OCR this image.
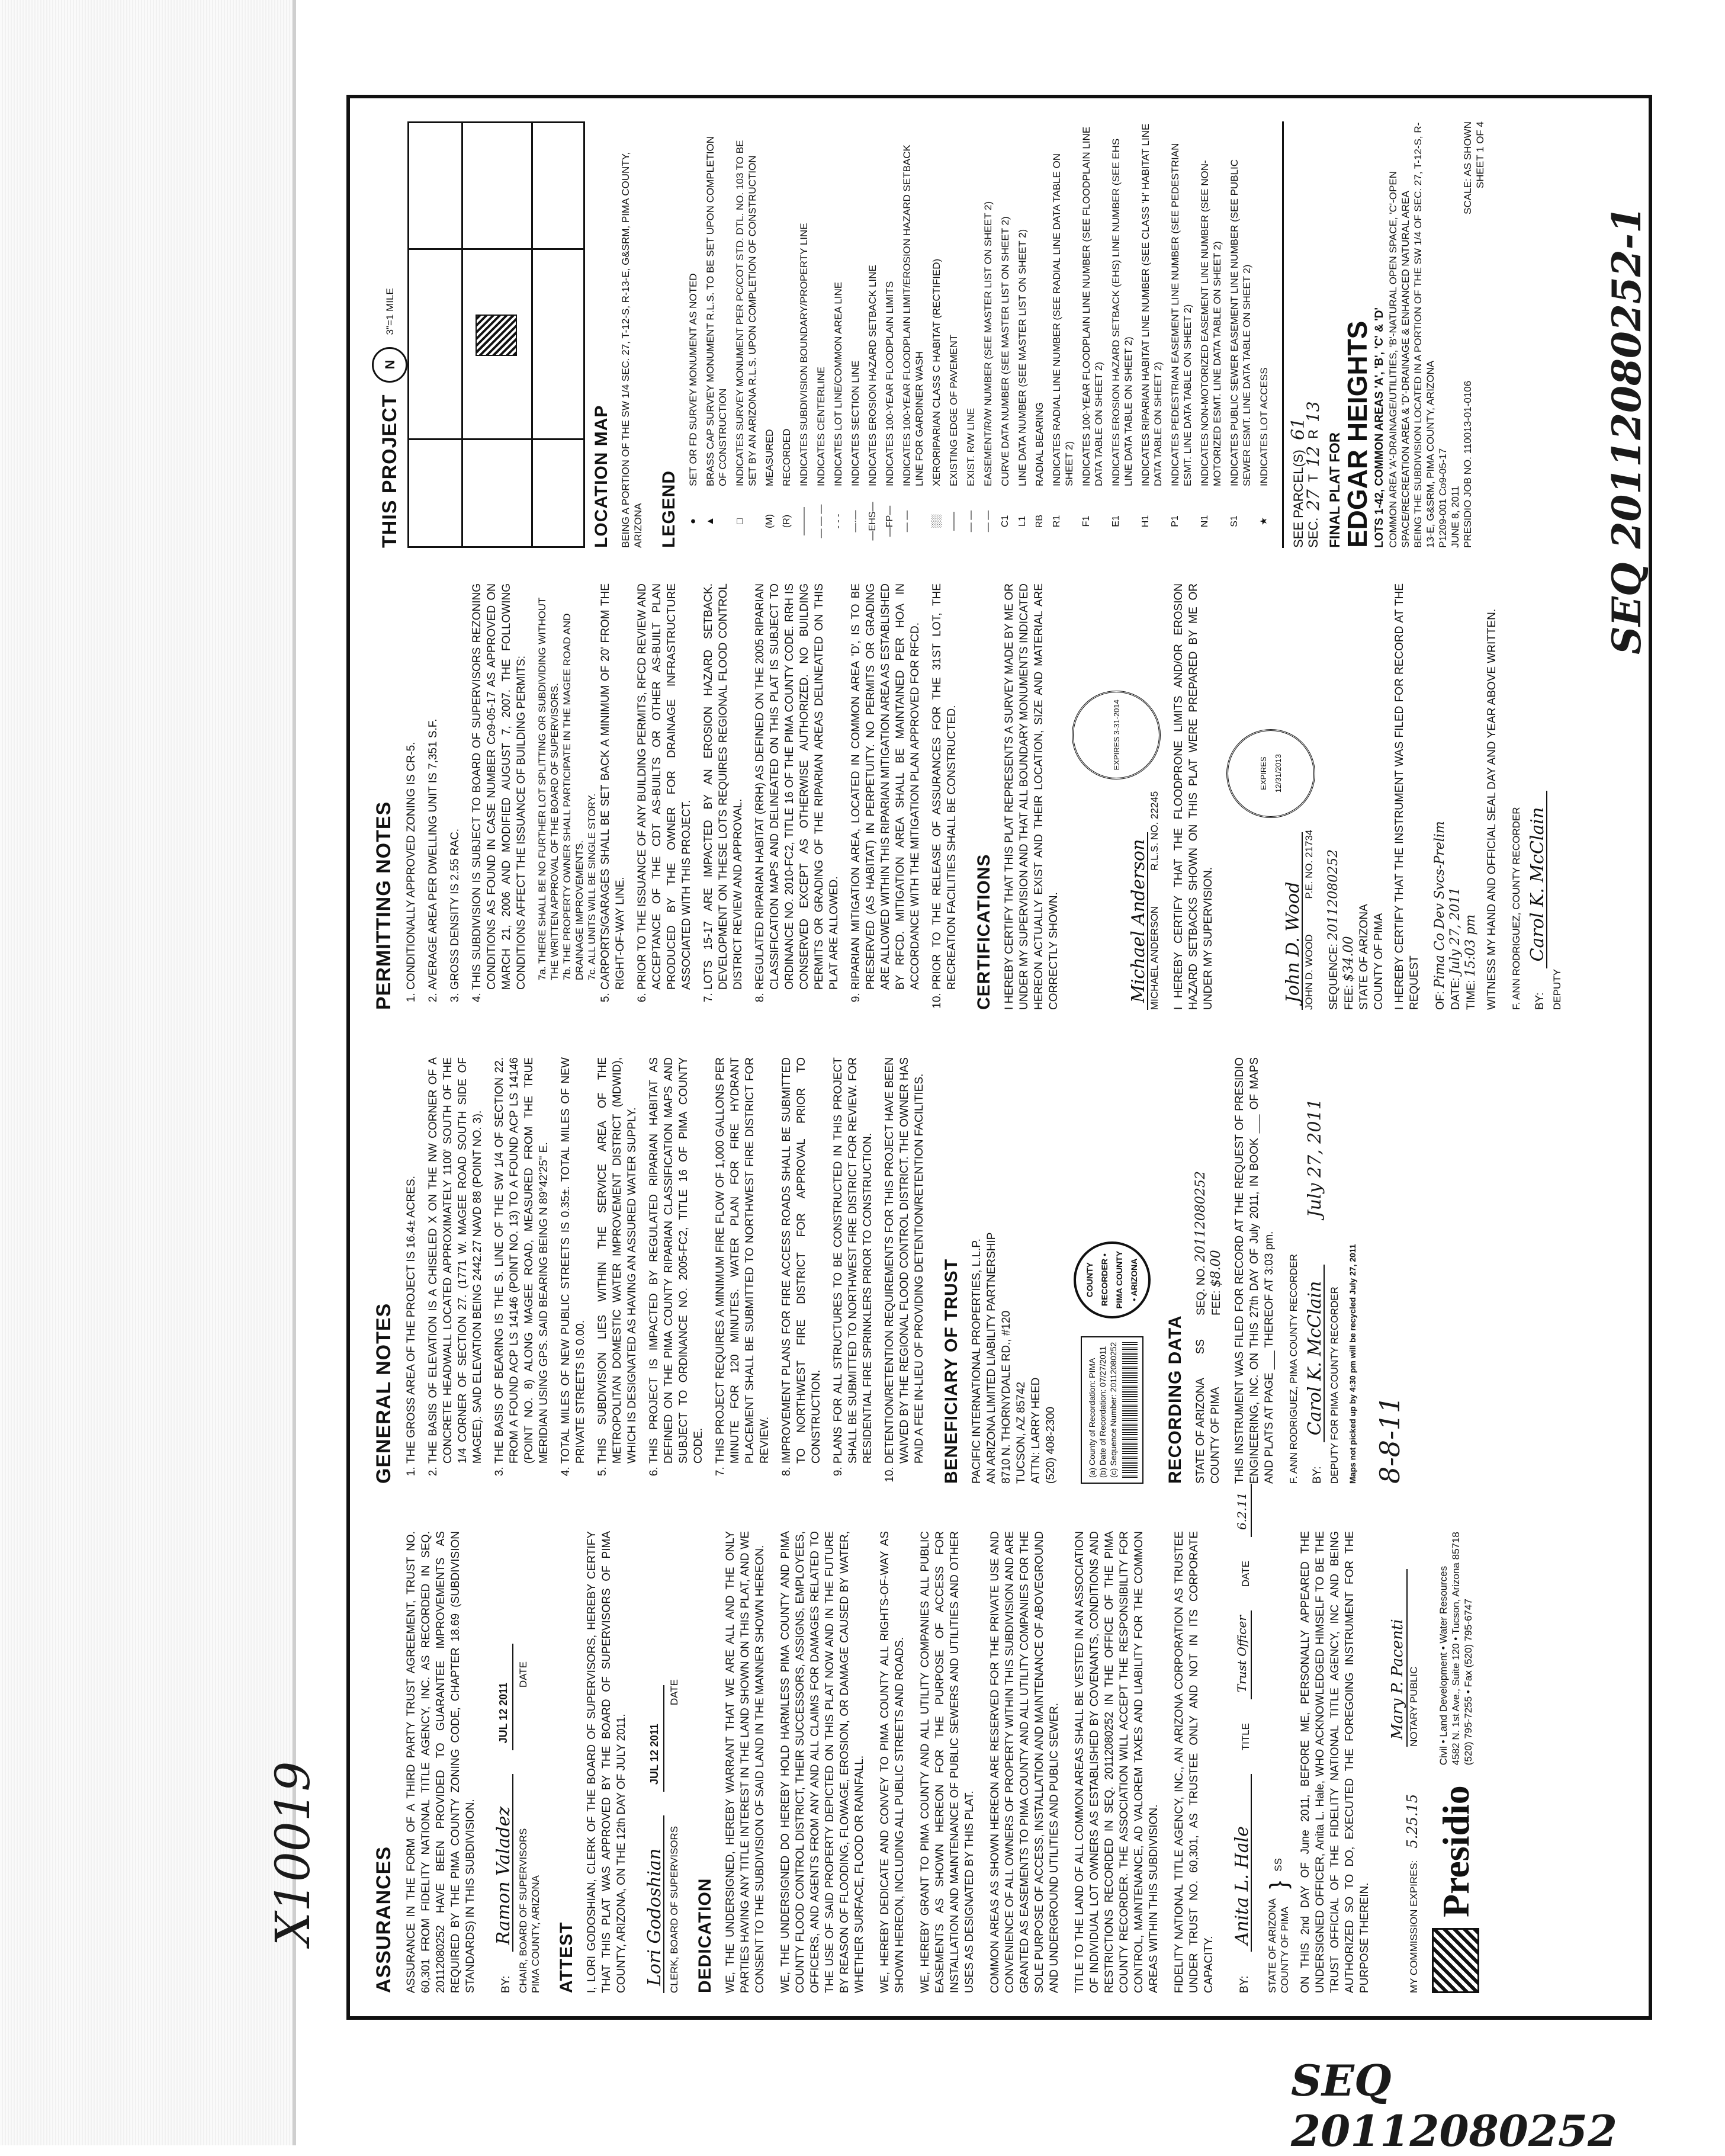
SEQ 20112080252
ASSURANCES ASSURANCE IN THE FORM OF A THIRD PARTY TRUST AGREEMENT, TRUST NO. 60,301 FROM FIDELITY NATIONAL TITLE AGENCY, INC. AS RECORDED IN SEQ. 20112080252 HAVE BEEN PROVIDED TO GUARANTEE IMPROVEMENTS AS REQUIRED BY THE PIMA COUNTY ZONING CODE, CHAPTER 18.69 (SUBDIVISION STANDARDS) IN THIS SUBDIVISION. BY:
Ramon Valadez
JUL 12 2011
CHAIR, BOARD OF SUPERVISORS
DATE
PIMA COUNTY, ARIZONA ATTEST I, LORI GODOSHIAN, CLERK OF THE BOARD OF SUPERVISORS, HEREBY CERTIFY THAT THIS PLAT WAS APPROVED BY THE BOARD OF SUPERVISORS OF PIMA COUNTY, ARIZONA, ON THE 12th DAY OF JULY 2011. Lori Godoshian
JUL 12 2011
CLERK, BOARD OF SUPERVISORS
DATE
DEDICATION WE, THE UNDERSIGNED, HEREBY WARRANT THAT WE ARE ALL AND THE ONLY PARTIES HAVING ANY TITLE INTEREST IN THE LAND SHOWN ON THIS PLAT, AND WE CONSENT TO THE SUBDIVISION OF SAID LAND IN THE MANNER SHOWN HEREON. WE, THE UNDERSIGNED DO HEREBY HOLD HARMLESS PIMA COUNTY AND PIMA COUNTY FLOOD CONTROL DISTRICT, THEIR SUCCESSORS, ASSIGNS, EMPLOYEES, OFFICERS, AND AGENTS FROM ANY AND ALL CLAIMS FOR DAMAGES RELATED TO THE USE OF SAID PROPERTY DEPICTED ON THIS PLAT NOW AND IN THE FUTURE BY REASON OF FLOODING, FLOWAGE, EROSION, OR DAMAGE CAUSED BY WATER, WHETHER SURFACE, FLOOD OR RAINFALL. WE, HEREBY DEDICATE AND CONVEY TO PIMA COUNTY ALL RIGHTS-OF-WAY AS SHOWN HEREON, INCLUDING ALL PUBLIC STREETS AND ROADS. WE, HEREBY GRANT TO PIMA COUNTY AND ALL UTILITY COMPANIES ALL PUBLIC EASEMENTS AS SHOWN HEREON FOR THE PURPOSE OF ACCESS FOR INSTALLATION AND MAINTENANCE OF PUBLIC SEWERS AND UTILITIES AND OTHER USES AS DESIGNATED BY THIS PLAT. COMMON AREAS AS SHOWN HEREON ARE RESERVED FOR THE PRIVATE USE AND CONVENIENCE OF ALL OWNERS OF PROPERTY WITHIN THIS SUBDIVISION AND ARE GRANTED AS EASEMENTS TO PIMA COUNTY AND ALL UTILITY COMPANIES FOR THE SOLE PURPOSE OF ACCESS, INSTALLATION AND MAINTENANCE OF ABOVEGROUND AND UNDERGROUND UTILITIES AND PUBLIC SEWER. TITLE TO THE LAND OF ALL COMMON AREAS SHALL BE VESTED IN AN ASSOCIATION OF INDIVIDUAL LOT OWNERS AS ESTABLISHED BY COVENANTS, CONDITIONS AND RESTRICTIONS RECORDED IN SEQ. 20112080252 IN THE OFFICE OF THE PIMA COUNTY RECORDER. THE ASSOCIATION WILL ACCEPT THE RESPONSIBILITY FOR CONTROL, MAINTENANCE, AD VALOREM TAXES AND LIABILITY FOR THE COMMON AREAS WITHIN THIS SUBDIVISION. FIDELITY NATIONAL TITLE AGENCY, INC., AN ARIZONA CORPORATION AS TRUSTEE UNDER TRUST NO. 60,301, AS TRUSTEE ONLY AND NOT IN ITS CORPORATE CAPACITY. BY:
Anita L. Hale
TITLE
Trust Officer
DATE
6.2.11
STATE OF ARIZONA COUNTY OF PIMA
}
SS	ON THIS 2nd DAY OF June 2011, BEFORE ME, PERSONALLY APPEARED THE UNDERSIGNED OFFICER, Anita L. Hale, WHO ACKNOWLEDGED HIMSELF TO BE THE TRUST OFFICIAL OF THE FIDELITY NATIONAL TITLE AGENCY, INC AND BEING AUTHORIZED SO TO DO, EXECUTED THE FOREGOING INSTRUMENT FOR THE PURPOSE THEREIN.	MY COMMISSION EXPIRES:
5.25.15
Mary P. Pacenti NOTARY PUBLIC
Presidio
Civil • Land Development • Water Resources 4582 N. 1st Ave., Suite 120 • Tucson, Arizona 85718 (520) 795-7255 • Fax (520) 795-6747
GENERAL NOTES 1. THE GROSS AREA OF THE PROJECT IS 16.4± ACRES. 2. THE BASIS OF ELEVATION IS A CHISELED X ON THE NW CORNER OF A CONCRETE HEADWALL LOCATED APPROXIMATELY 1100' SOUTH OF THE 1/4 CORNER OF SECTION 27. (1771 W. MAGEE ROAD SOUTH SIDE OF MAGEE). SAID ELEVATION BEING 2442.27 NAVD 88 (POINT NO. 3). 3. THE BASIS OF BEARING IS THE S. LINE OF THE SW 1/4 OF SECTION 22. FROM A FOUND ACP LS 14146 (POINT NO. 13) TO A FOUND ACP LS 14146 (POINT NO. 8) ALONG MAGEE ROAD, MEASURED FROM THE TRUE MERIDIAN USING GPS. SAID BEARING BEING N 89°42'25" E. 4. TOTAL MILES OF NEW PUBLIC STREETS IS 0.35±. TOTAL MILES OF NEW PRIVATE STREETS IS 0.00. 5. THIS SUBDIVISION LIES WITHIN THE SERVICE AREA OF THE METROPOLITAN DOMESTIC WATER IMPROVEMENT DISTRICT (MDWID), WHICH IS DESIGNATED AS HAVING AN ASSURED WATER SUPPLY. 6. THIS PROJECT IS IMPACTED BY REGULATED RIPARIAN HABITAT AS DEFINED ON THE PIMA COUNTY RIPARIAN CLASSIFICATION MAPS AND SUBJECT TO ORDINANCE NO. 2005-FC2, TITLE 16 OF PIMA COUNTY CODE. 7. THIS PROJECT REQUIRES A MINIMUM FIRE FLOW OF 1,000 GALLONS PER MINUTE FOR 120 MINUTES. WATER PLAN FOR FIRE HYDRANT PLACEMENT SHALL BE SUBMITTED TO NORTHWEST FIRE DISTRICT FOR REVIEW. 8. IMPROVEMENT PLANS FOR FIRE ACCESS ROADS SHALL BE SUBMITTED TO NORTHWEST FIRE DISTRICT FOR APPROVAL PRIOR TO CONSTRUCTION. 9. PLANS FOR ALL STRUCTURES TO BE CONSTRUCTED IN THIS PROJECT SHALL BE SUBMITTED TO NORTHWEST FIRE DISTRICT FOR REVIEW. FOR RESIDENTIAL FIRE SPRINKLERS PRIOR TO CONSTRUCTION. 10. DETENTION/RETENTION REQUIREMENTS FOR THIS PROJECT HAVE BEEN WAIVED BY THE REGIONAL FLOOD CONTROL DISTRICT. THE OWNER HAS PAID A FEE IN-LIEU OF PROVIDING DETENTION/RETENTION FACILITIES. BENEFICIARY OF TRUST PACIFIC INTERNATIONAL PROPERTIES, L.L.P. AN ARIZONA LIMITED LIABILITY PARTNERSHIP 8710 N. THORNYDALE RD., #120 TUCSON, AZ 85742 ATTN: LARRY HEED (520) 408-2300	(a) County of Recordation: PIMA (b) Date of Recordation: 07/27/2011 (c) Sequence Number: 20112080252
COUNTY RECORDER • PIMA COUNTY • ARIZONA
RECORDING DATA STATE OF ARIZONA COUNTY OF PIMA
SS
SEQ. NO. 20112080252
FEE: $8.00 THIS INSTRUMENT WAS FILED FOR RECORD AT THE REQUEST OF PRESIDIO ENGINEERING, INC. ON THIS 27th DAY OF July 2011, IN BOOK ___ OF MAPS AND PLATS AT PAGE ___ THEREOF AT 3:03 pm. F. ANN RODRIGUEZ, PIMA COUNTY RECORDER BY:
Carol K. McClain
July 27, 2011
DEPUTY FOR PIMA COUNTY RECORDER Maps not picked up by 4:30 pm will be recycled July 27, 2011 8-8-11
PERMITTING NOTES 1. CONDITIONALLY APPROVED ZONING IS CR-5. 2. AVERAGE AREA PER DWELLING UNIT IS 7,351 S.F. 3. GROSS DENSITY IS 2.55 RAC. 4. THIS SUBDIVISION IS SUBJECT TO BOARD OF SUPERVISORS REZONING CONDITIONS AS FOUND IN CASE NUMBER Co9-05-17 AS APPROVED ON MARCH 21, 2006 AND MODIFIED AUGUST 7, 2007. THE FOLLOWING CONDITIONS AFFECT THE ISSUANCE OF BUILDING PERMITS: 7a. THERE SHALL BE NO FURTHER LOT SPLITTING OR SUBDIVIDING WITHOUT THE WRITTEN APPROVAL OF THE BOARD OF SUPERVISORS. 7b. THE PROPERTY OWNER SHALL PARTICIPATE IN THE MAGEE ROAD AND DRAINAGE IMPROVEMENTS. 7c. ALL UNITS WILL BE SINGLE STORY. 5. CARPORTS/GARAGES SHALL BE SET BACK A MINIMUM OF 20' FROM THE RIGHT-OF-WAY LINE. 6. PRIOR TO THE ISSUANCE OF ANY BUILDING PERMITS, RFCD REVIEW AND ACCEPTANCE OF THE CDT AS-BUILTS OR OTHER AS-BUILT PLAN PRODUCED BY THE OWNER FOR DRAINAGE INFRASTRUCTURE ASSOCIATED WITH THIS PROJECT. 7. LOTS 15-17 ARE IMPACTED BY AN EROSION HAZARD SETBACK. DEVELOPMENT ON THESE LOTS REQUIRES REGIONAL FLOOD CONTROL DISTRICT REVIEW AND APPROVAL. 8. REGULATED RIPARIAN HABITAT (RRH) AS DEFINED ON THE 2005 RIPARIAN CLASSIFICATION MAPS AND DELINEATED ON THIS PLAT IS SUBJECT TO ORDINANCE NO. 2010-FC2, TITLE 16 OF THE PIMA COUNTY CODE. RRH IS CONSERVED EXCEPT AS OTHERWISE AUTHORIZED. NO BUILDING PERMITS OR GRADING OF THE RIPARIAN AREAS DELINEATED ON THIS PLAT ARE ALLOWED. 9. RIPARIAN MITIGATION AREA, LOCATED IN COMMON AREA 'D', IS TO BE PRESERVED (AS HABITAT) IN PERPETUITY. NO PERMITS OR GRADING ARE ALLOWED WITHIN THIS RIPARIAN MITIGATION AREA AS ESTABLISHED BY RFCD. MITIGATION AREA SHALL BE MAINTAINED PER HOA IN ACCORDANCE WITH THE MITIGATION PLAN APPROVED FOR RFCD. 10. PRIOR TO THE RELEASE OF ASSURANCES FOR THE 31ST LOT, THE RECREATION FACILITIES SHALL BE CONSTRUCTED. CERTIFICATIONS I HEREBY CERTIFY THAT THIS PLAT REPRESENTS A SURVEY MADE BY ME OR UNDER MY SUPERVISION AND THAT ALL BOUNDARY MONUMENTS INDICATED HEREON ACTUALLY EXIST AND THEIR LOCATION, SIZE AND MATERIAL ARE CORRECTLY SHOWN.	Michael Anderson MICHAEL ANDERSON
R.L.S. NO. 22245
EXPIRES 3-31-2014	I HEREBY CERTIFY THAT THE FLOODPRONE LIMITS AND/OR EROSION HAZARD SETBACKS SHOWN ON THIS PLAT WERE PREPARED BY ME OR UNDER MY SUPERVISION.	John D. Wood JOHN D. WOOD
P.E. NO. 21734
EXPIRES 12/31/2013
SEQUENCE: 20112080252
FEE: $34.00 STATE OF ARIZONA COUNTY OF PIMA I HEREBY CERTIFY THAT THE INSTRUMENT WAS FILED FOR RECORD AT THE REQUEST OF: Pima Co Dev Svcs-Prelim
DATE: July 27, 2011
TIME: 15:03 pm WITNESS MY HAND AND OFFICIAL SEAL DAY AND YEAR ABOVE WRITTEN. F. ANN RODRIGUEZ, COUNTY RECORDER BY:
Carol K. McClain
DEPUTY
THIS PROJECT
N
3"=1 MILE
LOCATION MAP BEING A PORTION OF THE SW 1/4 SEC. 27, T-12-S, R-13-E, G&SRM, PIMA COUNTY, ARIZONA LEGEND ●
SET OR FD SURVEY MONUMENT AS NOTED
▲
BRASS CAP SURVEY MONUMENT R.L.S. TO BE SET UPON COMPLETION OF CONSTRUCTION
□
INDICATES SURVEY MONUMENT PER PC/COT STD. DTL. NO. 103 TO BE SET BY AN ARIZONA R.L.S. UPON COMPLETION OF CONSTRUCTION
(M)
MEASURED
(R)
RECORDED
———
INDICATES SUBDIVISION BOUNDARY/PROPERTY LINE
— — —
INDICATES CENTERLINE
- - -
INDICATES LOT LINE/COMMON AREA LINE
—·—
INDICATES SECTION LINE
—EHS—
INDICATES EROSION HAZARD SETBACK LINE
—FP—
INDICATES 100-YEAR FLOODPLAIN LIMITS
— —
INDICATES 100-YEAR FLOODPLAIN LIMIT/EROSION HAZARD SETBACK LINE FOR GARDINER WASH
░░
XERORIPARIAN CLASS C HABITAT (RECTIFIED)
——
EXISTING EDGE OF PAVEMENT
— —
EXIST. R/W LINE
— —
EASEMENT/R/W NUMBER (SEE MASTER LIST ON SHEET 2)
C1
CURVE DATA NUMBER (SEE MASTER LIST ON SHEET 2)
L1
LINE DATA NUMBER (SEE MASTER LIST ON SHEET 2)
RB
RADIAL BEARING
R1
INDICATES RADIAL LINE NUMBER (SEE RADIAL LINE DATA TABLE ON SHEET 2)
F1
INDICATES 100-YEAR FLOODPLAIN LINE NUMBER (SEE FLOODPLAIN LINE DATA TABLE ON SHEET 2)
E1
INDICATES EROSION HAZARD SETBACK (EHS) LINE NUMBER (SEE EHS LINE DATA TABLE ON SHEET 2)
H1
INDICATES RIPARIAN HABITAT LINE NUMBER (SEE CLASS 'H' HABITAT LINE DATA TABLE ON SHEET 2)
P1
INDICATES PEDESTRIAN EASEMENT LINE NUMBER (SEE PEDESTRIAN ESMT. LINE DATA TABLE ON SHEET 2)
N1
INDICATES NON-MOTORIZED EASEMENT LINE NUMBER (SEE NON-MOTORIZED ESMT. LINE DATA TABLE ON SHEET 2)
S1
INDICATES PUBLIC SEWER EASEMENT LINE NUMBER (SEE PUBLIC SEWER ESMT. LINE DATA TABLE ON SHEET 2)
★
INDICATES LOT ACCESS
SEE PARCEL(S)
61
SEC.
27
T
12
R
13
FINAL PLAT FOR
EDGAR HEIGHTS LOTS 1-42, COMMON AREAS 'A', 'B', 'C' & 'D' COMMON AREA 'A'-DRAINAGE/UTILITIES, 'B'-NATURAL OPEN SPACE, 'C'-OPEN SPACE/RECREATION AREA & 'D'-DRAINAGE & ENHANCED NATURAL AREA BEING THE SUBDIVISION LOCATED IN A PORTION OF THE SW 1/4 OF SEC. 27, T-12-S, R-13-E, G&SRM, PIMA COUNTY, ARIZONA P1209-001 Co9-05-17 JUNE 8, 2011 PRESIDIO JOB NO. 110013-01-0106
SCALE: AS SHOWN SHEET 1 OF 4
X10019
SEQ 20112080252-1
